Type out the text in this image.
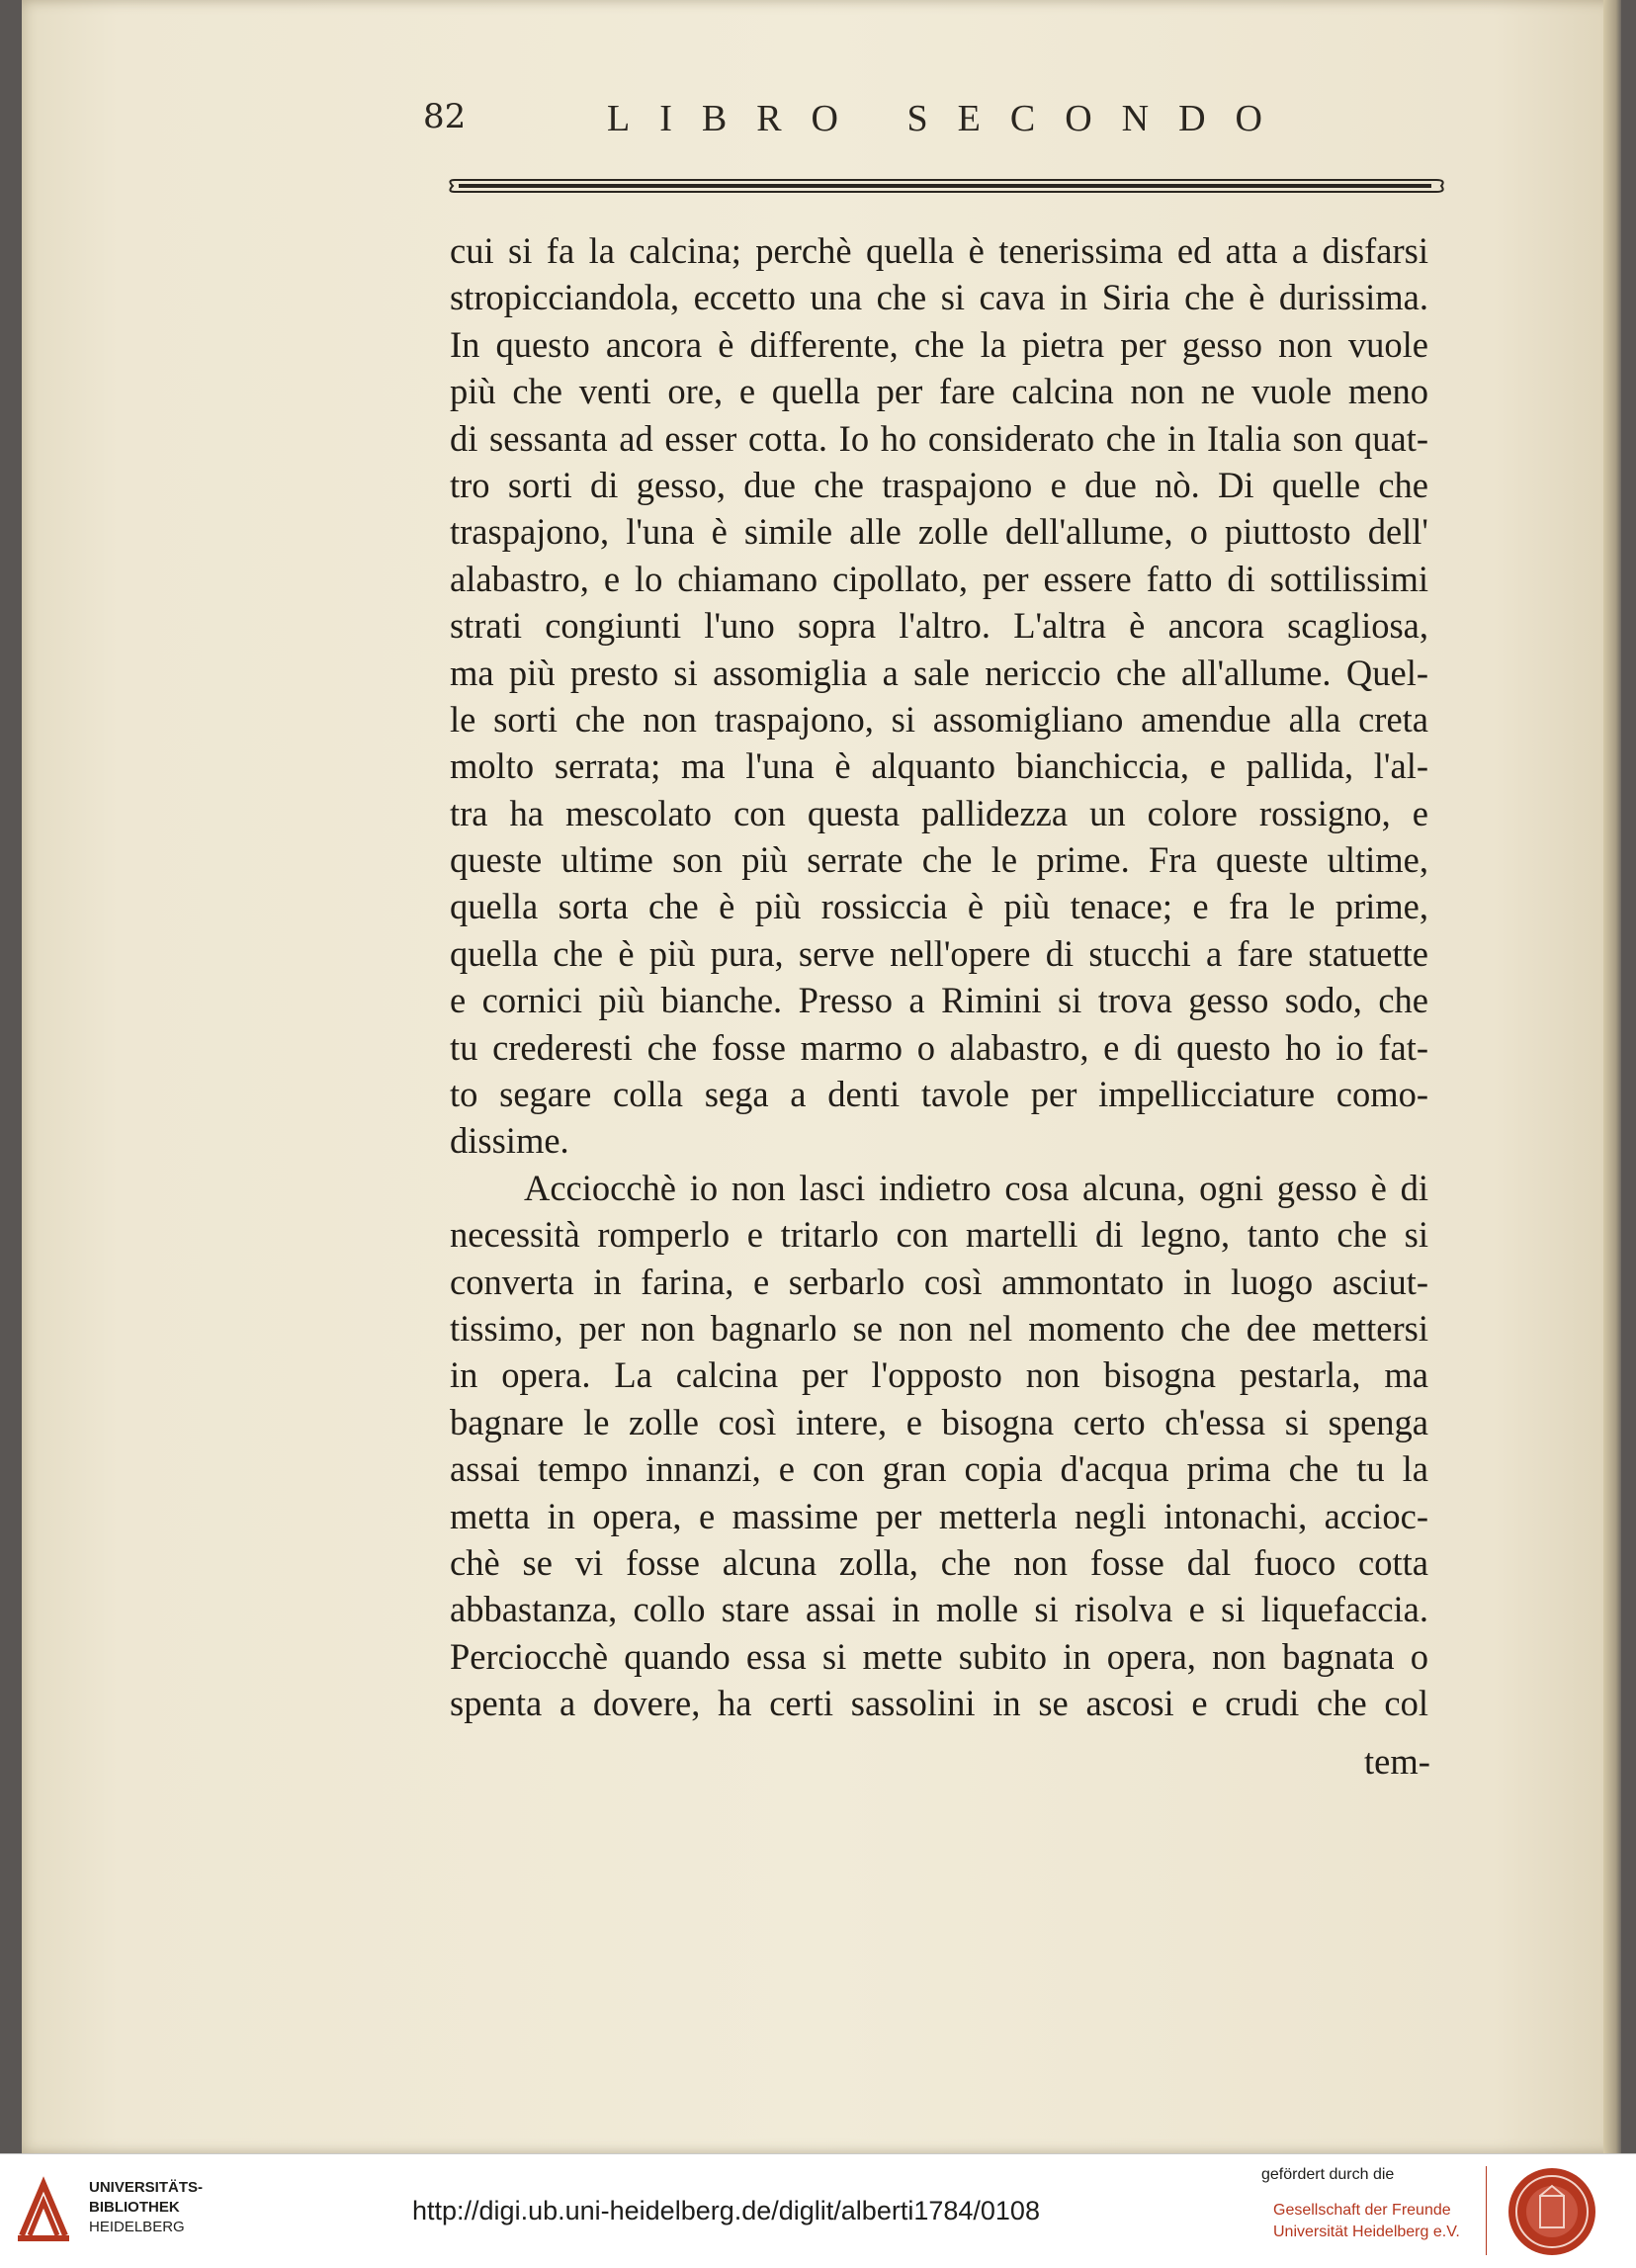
82	LIBRO SECONDO
cui si fa la calcina; perchè quella è tenerissima ed atta a disfarsi
stropicciandola, eccetto una che si cava in Siria che è durissima.
In questo ancora è differente, che la pietra per gesso non vuole
più che venti ore, e quella per fare calcina non ne vuole meno
di sessanta ad esser cotta. Io ho considerato che in Italia son quat-
tro sorti di gesso, due che traspajono e due nò. Di quelle che
traspajono, l'una è simile alle zolle dell'allume, o piuttosto dell'
alabastro, e lo chiamano cipollato, per essere fatto di sottilissimi
strati congiunti l'uno sopra l'altro. L'altra è ancora scagliosa,
ma più presto si assomiglia a sale nericcio che all'allume. Quel-
le sorti che non traspajono, si assomigliano amendue alla creta
molto serrata; ma l'una è alquanto bianchiccia, e pallida, l'al-
tra ha mescolato con questa pallidezza un colore rossigno, e
queste ultime son più serrate che le prime. Fra queste ultime,
quella sorta che è più rossiccia è più tenace; e fra le prime,
quella che è più pura, serve nell'opere di stucchi a fare statuette
e cornici più bianche. Presso a Rimini si trova gesso sodo, che
tu crederesti che fosse marmo o alabastro, e di questo ho io fat-
to segare colla sega a denti tavole per impellicciature como-
dissime.
Acciocchè io non lasci indietro cosa alcuna, ogni gesso è di
necessità romperlo e tritarlo con martelli di legno, tanto che si
converta in farina, e serbarlo così ammontato in luogo asciut-
tissimo, per non bagnarlo se non nel momento che dee mettersi
in opera. La calcina per l'opposto non bisogna pestarla, ma
bagnare le zolle così intere, e bisogna certo ch'essa si spenga
assai tempo innanzi, e con gran copia d'acqua prima che tu la
metta in opera, e massime per metterla negli intonachi, accioc-
chè se vi fosse alcuna zolla, che non fosse dal fuoco cotta
abbastanza, collo stare assai in molle si risolva e si liquefaccia.
Perciocchè quando essa si mette subito in opera, non bagnata o
spenta a dovere, ha certi sassolini in se ascosi e crudi che col
tem-
UNIVERSITÄTS-
BIBLIOTHEK
HEIDELBERG
http://digi.ub.uni-heidelberg.de/diglit/alberti1784/0108
gefördert durch die
Gesellschaft der Freunde
Universität Heidelberg e.V.
